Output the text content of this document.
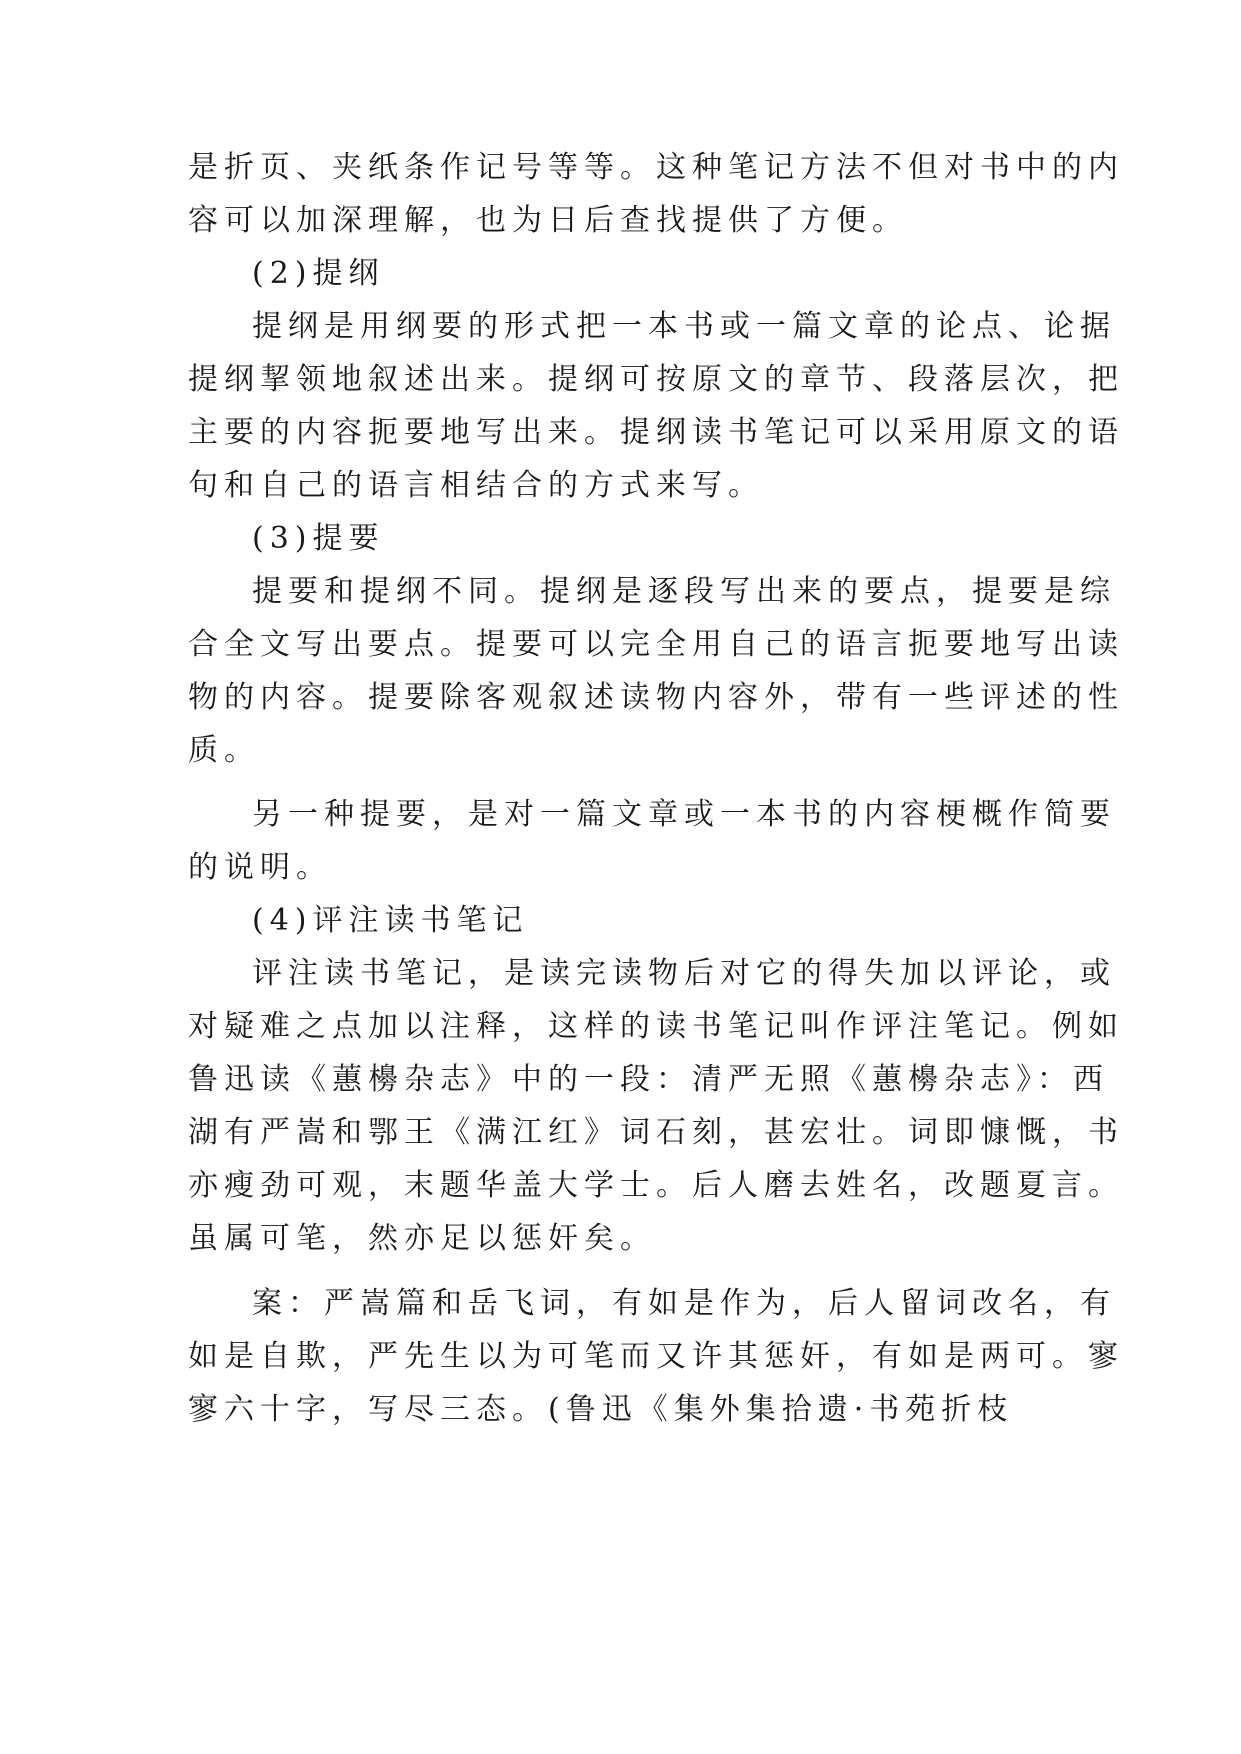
是折页、夹纸条作记号等等。这种笔记方法不但对书中的内
容可以加深理解，也为日后查找提供了方便。
(2)提纲
提纲是用纲要的形式把一本书或一篇文章的论点、论据
提纲挈领地叙述出来。提纲可按原文的章节、段落层次，把
主要的内容扼要地写出来。提纲读书笔记可以采用原文的语
句和自己的语言相结合的方式来写。
(3)提要
提要和提纲不同。提纲是逐段写出来的要点，提要是综
合全文写出要点。提要可以完全用自己的语言扼要地写出读
物的内容。提要除客观叙述读物内容外，带有一些评述的性
质。
另一种提要，是对一篇文章或一本书的内容梗概作简要
的说明。
(4)评注读书笔记
评注读书笔记，是读完读物后对它的得失加以评论，或
对疑难之点加以注释，这样的读书笔记叫作评注笔记。例如
鲁迅读《蕙櫋杂志》中的一段：清严无照《蕙櫋杂志》：西
湖有严嵩和鄂王《满江红》词石刻，甚宏壮。词即慷慨，书
亦瘦劲可观，末题华盖大学士。后人磨去姓名，改题夏言。
虽属可笔，然亦足以惩奸矣。
案：严嵩篇和岳飞词，有如是作为，后人留词改名，有
如是自欺，严先生以为可笔而又许其惩奸，有如是两可。寥
寥六十字，写尽三态。(鲁迅《集外集拾遗·书苑折枝
